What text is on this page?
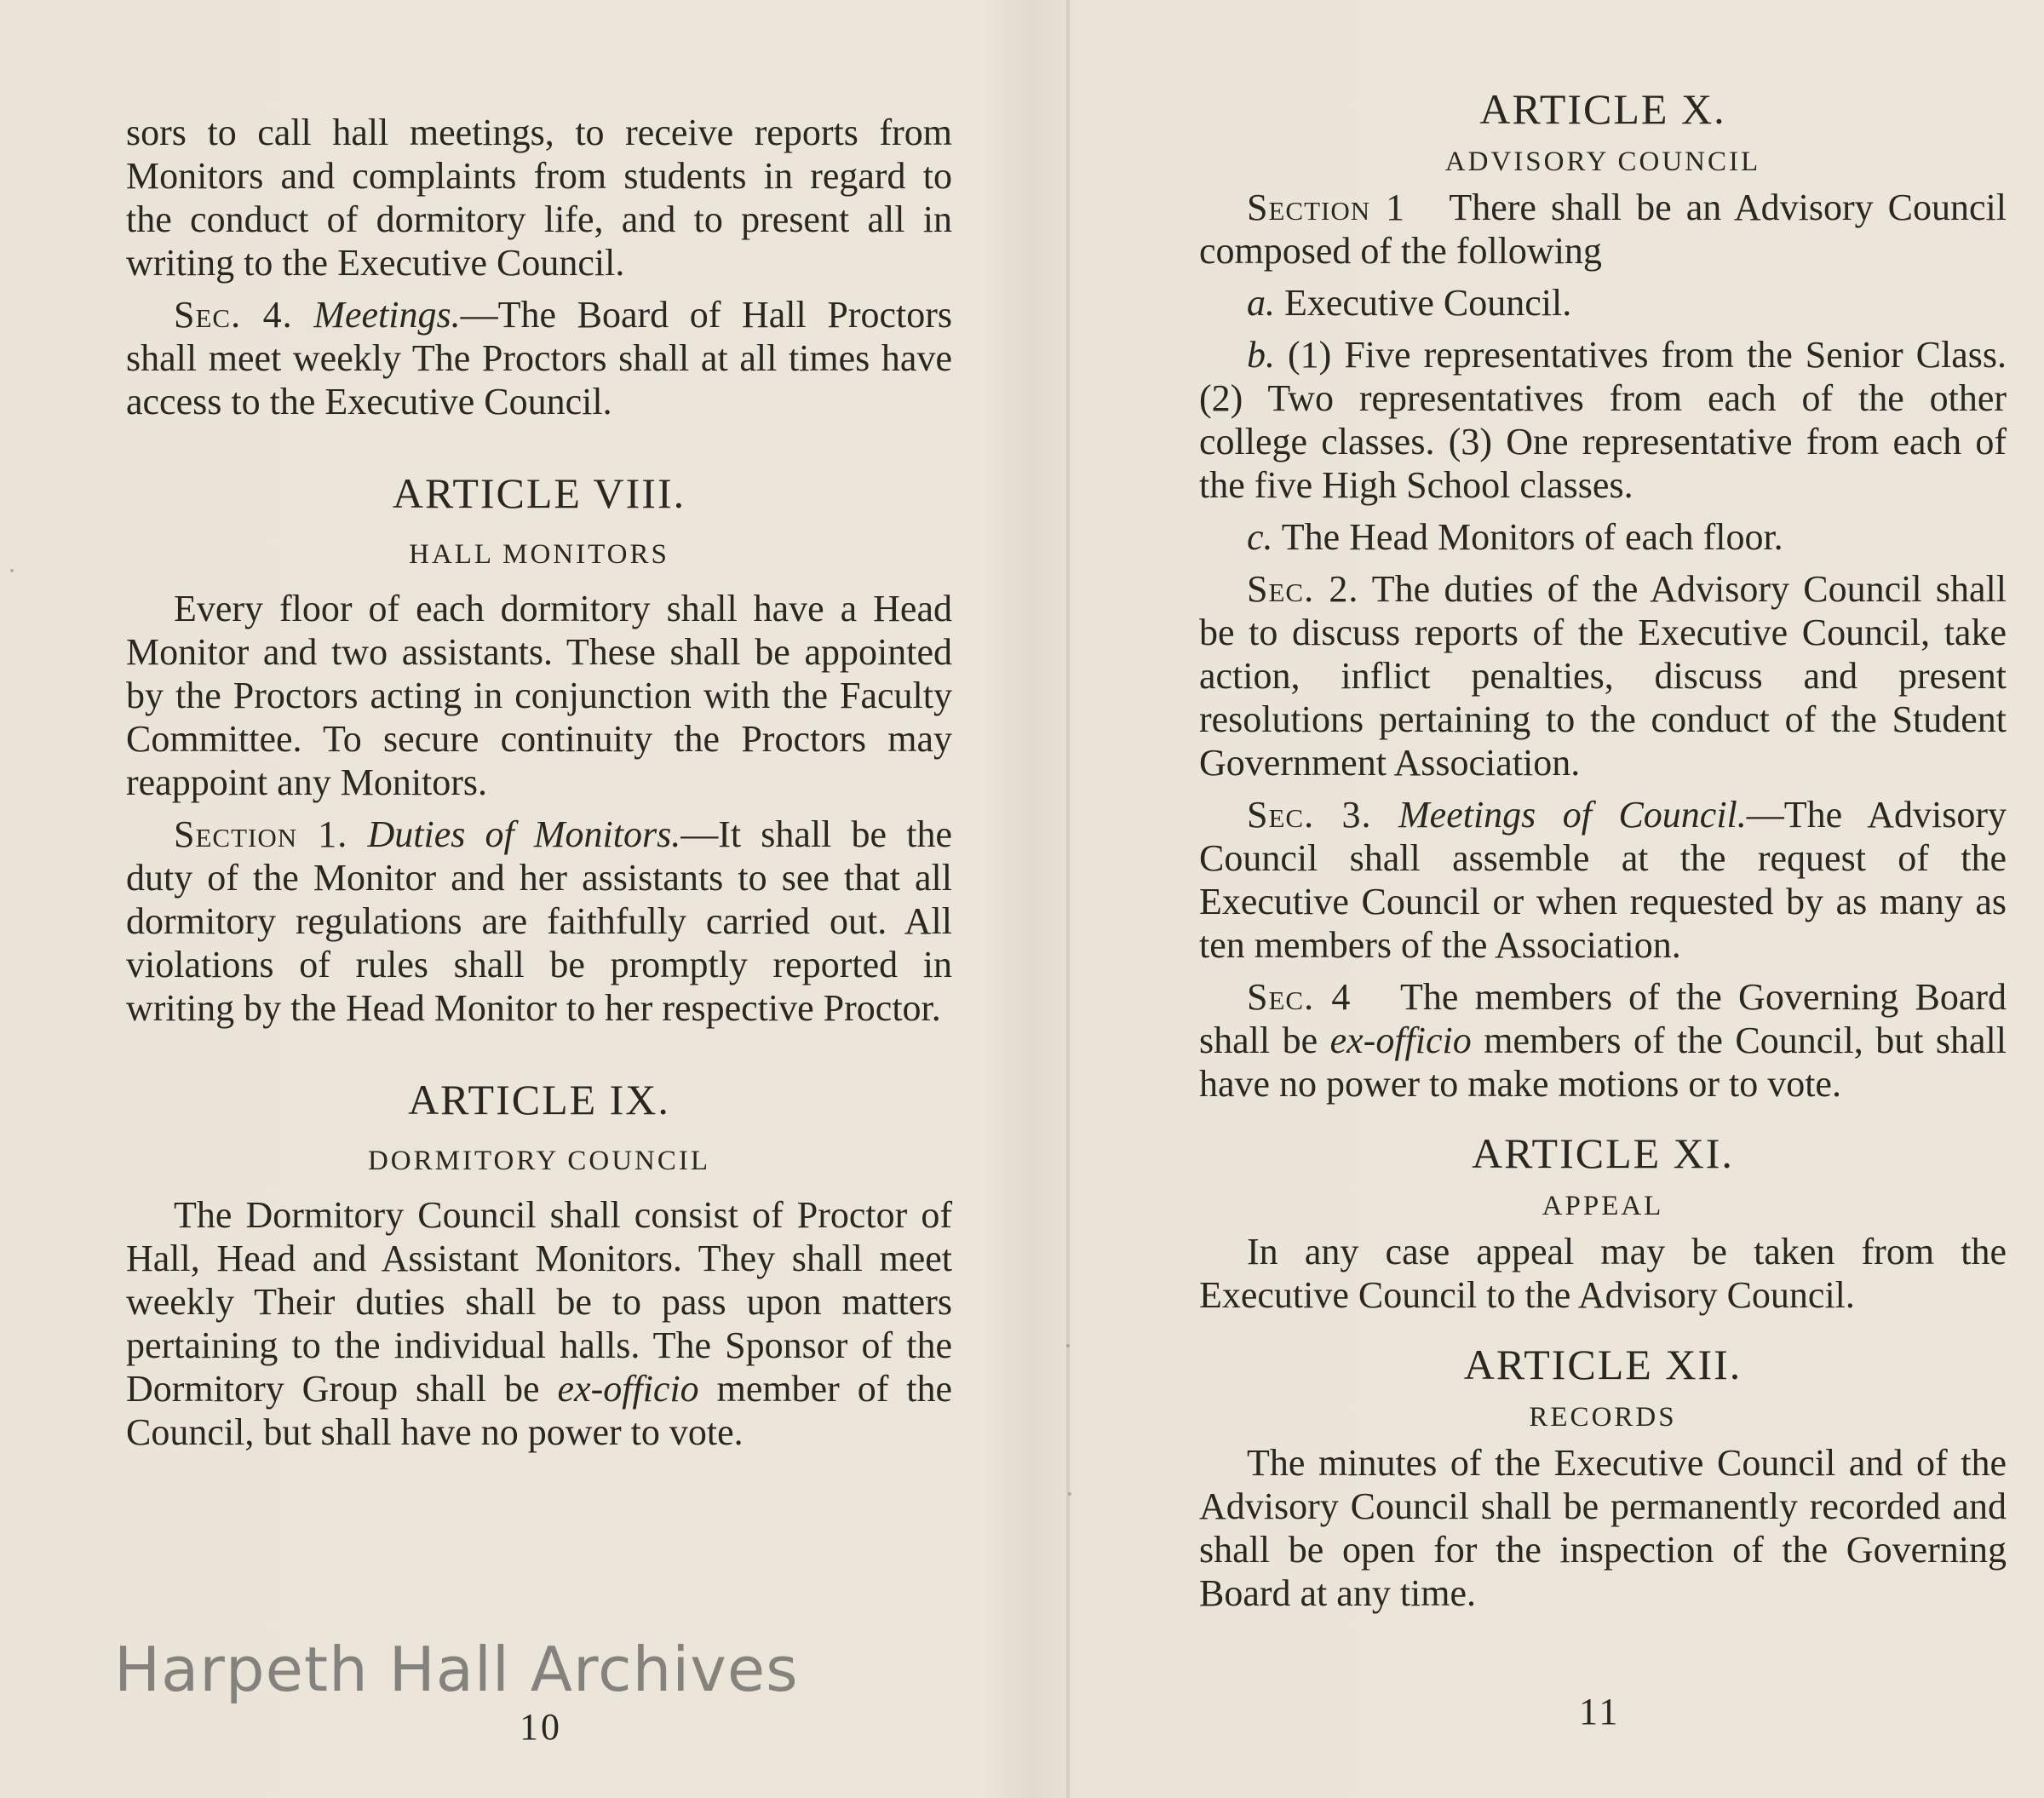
sors to call hall meetings, to receive reports from Monitors and complaints from students in regard to the conduct of dormitory life, and to present all in writing to the Executive Council.

Sec. 4. Meetings.—The Board of Hall Proctors shall meet weekly The Proctors shall at all times have access to the Executive Council.

ARTICLE VIII.
HALL MONITORS

Every floor of each dormitory shall have a Head Monitor and two assistants. These shall be appointed by the Proctors acting in conjunction with the Faculty Committee. To secure continuity the Proctors may reappoint any Monitors.

Section 1. Duties of Monitors.—It shall be the duty of the Monitor and her assistants to see that all dormitory regulations are faithfully carried out. All violations of rules shall be promptly reported in writing by the Head Monitor to her respective Proctor.

ARTICLE IX.
DORMITORY COUNCIL

The Dormitory Council shall consist of Proctor of Hall, Head and Assistant Monitors. They shall meet weekly Their duties shall be to pass upon matters pertaining to the individual halls. The Sponsor of the Dormitory Group shall be ex-officio member of the Council, but shall have no power to vote.

Harpeth Hall Archives
10
ARTICLE X.
ADVISORY COUNCIL

Section 1 There shall be an Advisory Council composed of the following

a. Executive Council.

b. (1) Five representatives from the Senior Class. (2) Two representatives from each of the other college classes. (3) One representative from each of the five High School classes.

c. The Head Monitors of each floor.

Sec. 2. The duties of the Advisory Council shall be to discuss reports of the Executive Council, take action, inflict penalties, discuss and present resolutions pertaining to the conduct of the Student Government Association.

Sec. 3. Meetings of Council.—The Advisory Council shall assemble at the request of the Executive Council or when requested by as many as ten members of the Association.

Sec. 4 The members of the Governing Board shall be ex-officio members of the Council, but shall have no power to make motions or to vote.

ARTICLE XI.
APPEAL

In any case appeal may be taken from the Executive Council to the Advisory Council.

ARTICLE XII.
RECORDS

The minutes of the Executive Council and of the Advisory Council shall be permanently recorded and shall be open for the inspection of the Governing Board at any time.

11
